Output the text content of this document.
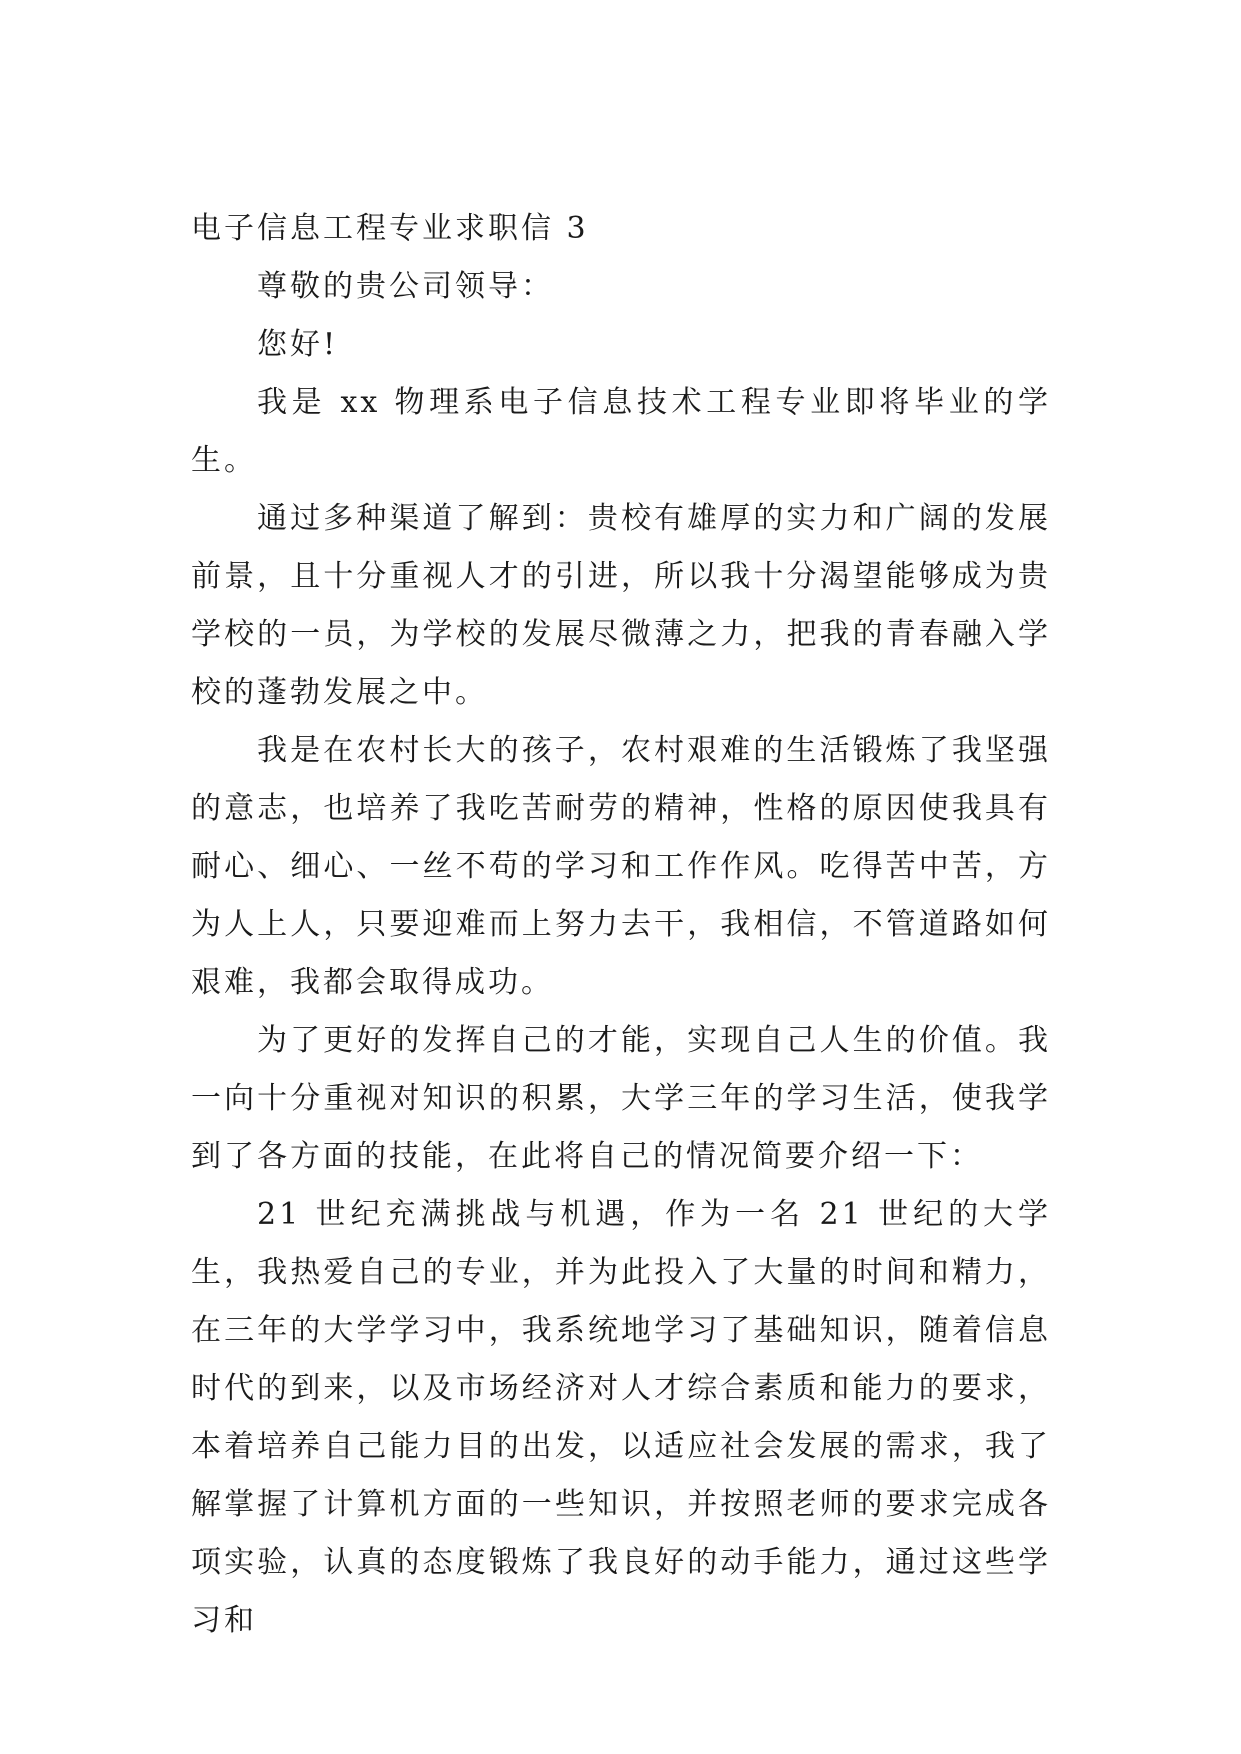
电子信息工程专业求职信 3

尊敬的贵公司领导：

您好!

我是 xx 物理系电子信息技术工程专业即将毕业的学生。

通过多种渠道了解到：贵校有雄厚的实力和广阔的发展前景，且十分重视人才的引进，所以我十分渴望能够成为贵学校的一员，为学校的发展尽微薄之力，把我的青春融入学校的蓬勃发展之中。

我是在农村长大的孩子，农村艰难的生活锻炼了我坚强的意志，也培养了我吃苦耐劳的精神，性格的原因使我具有耐心、细心、一丝不苟的学习和工作作风。吃得苦中苦，方为人上人，只要迎难而上努力去干，我相信，不管道路如何艰难，我都会取得成功。

为了更好的发挥自己的才能，实现自己人生的价值。我一向十分重视对知识的积累，大学三年的学习生活，使我学到了各方面的技能，在此将自己的情况简要介绍一下：

21 世纪充满挑战与机遇，作为一名 21 世纪的大学生，我热爱自己的专业，并为此投入了大量的时间和精力，在三年的大学学习中，我系统地学习了基础知识，随着信息时代的到来，以及市场经济对人才综合素质和能力的要求，本着培养自己能力目的出发，以适应社会发展的需求，我了解掌握了计算机方面的一些知识，并按照老师的要求完成各项实验，认真的态度锻炼了我良好的动手能力，通过这些学习和
